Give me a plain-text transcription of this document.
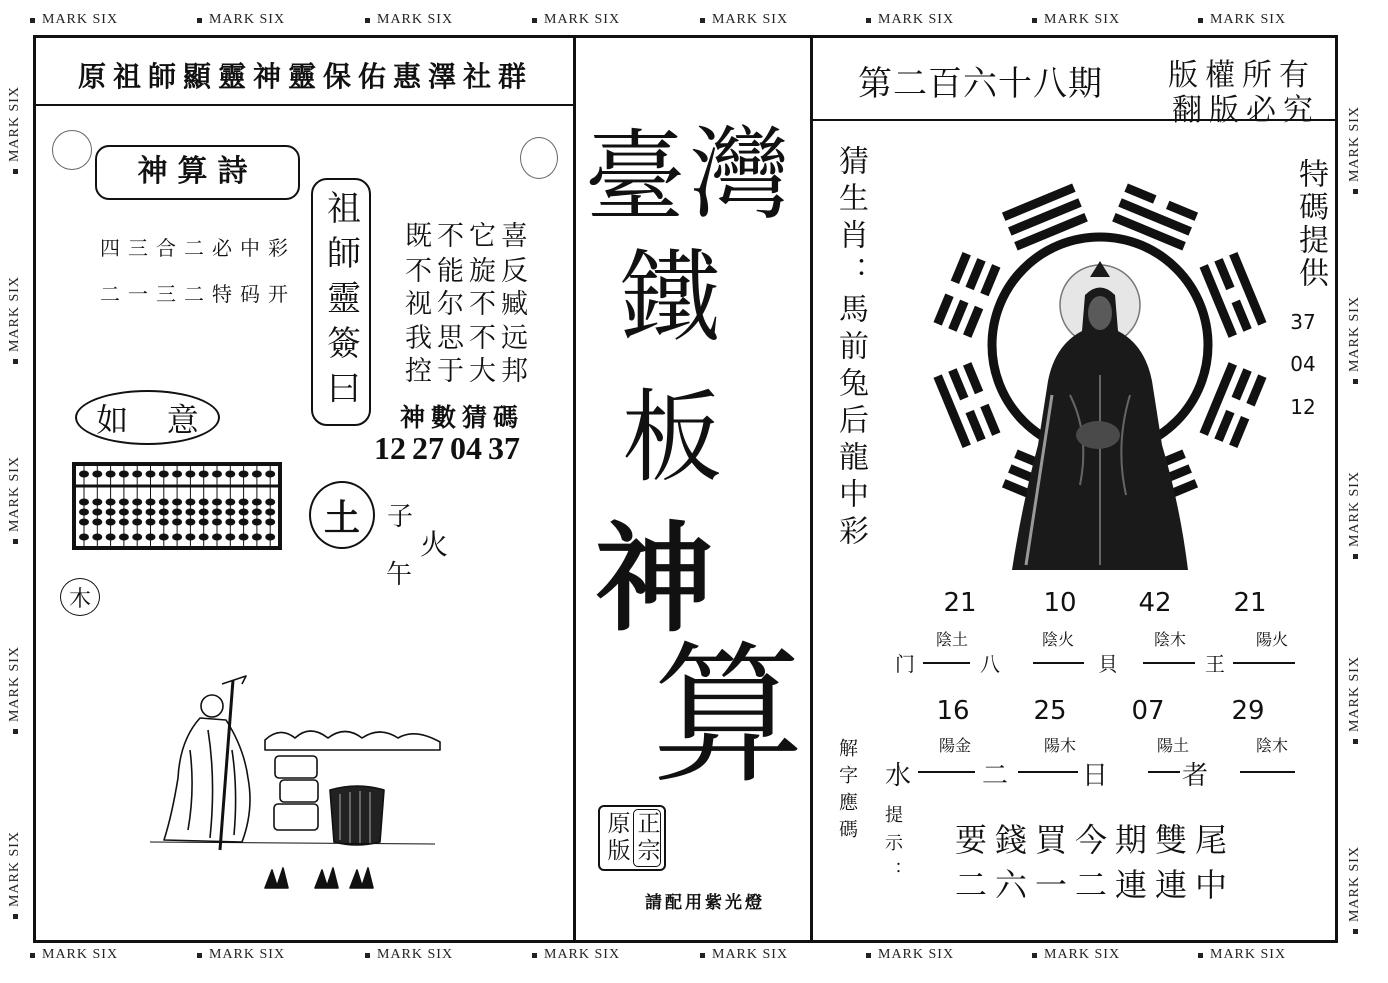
原祖師顯靈神靈保佑惠澤社群
神算詩
四三合二必中彩
二一三二特码开 祖師靈簽曰 既不它喜
不能旋反
视尔不臧
我思不远
控于大邦
神數猜碼
12 27 04 37
如 意
土	子
火
午
木
臺 灣
鐵
板
神
算
正宗
原版
請配用紫光燈
第二百六十八期 版權所有
翻版必究
猜生肖：馬前兔后龍中彩	特碼提供
37
04
12
21	10	42	21
陰土	陰火	陰木	陽火
门	八	貝	王
16	25	07	29
陽金	陽木	陽土	陰木
水	二	日	者
解字應碼
提示： 要錢買今期雙尾
二六一二連連中
MARK SIX
MARK SIX
MARK SIX
MARK SIX
MARK SIX
MARK SIX
MARK SIX
MARK SIX
MARK SIX
MARK SIX
MARK SIX
MARK SIX
MARK SIX
MARK SIX
MARK SIX
MARK SIX
MARK SIX
MARK SIX
MARK SIX
MARK SIX
MARK SIX
MARK SIX
MARK SIX
MARK SIX
MARK SIX
MARK SIX
